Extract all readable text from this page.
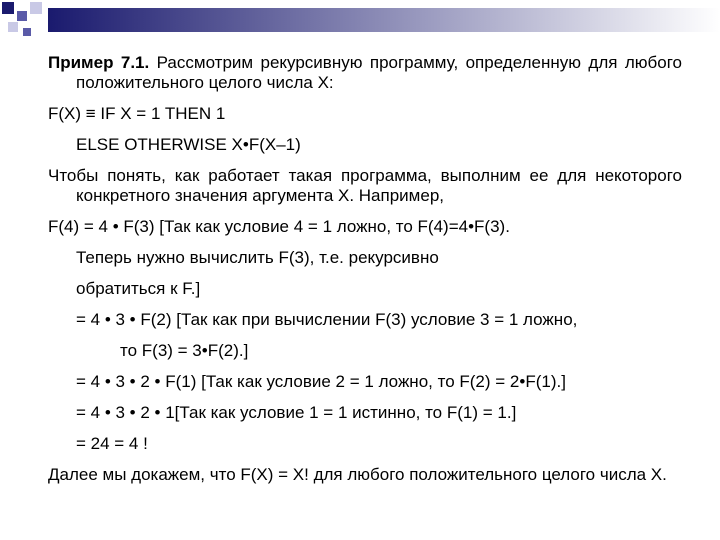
Пример 7.1. Рассмотрим рекурсивную программу, определенную для любого положительного целого числа X:

F(X) ≡ IF X = 1 THEN 1
ELSE OTHERWISE X•F(X–1)

Чтобы понять, как работает такая программа, выполним ее для некоторого конкретного значения аргумента X. Например,

F(4) = 4 • F(3) [Так как условие 4 = 1 ложно, то F(4)=4•F(3).
Теперь нужно вычислить F(3), т.е. рекурсивно
обратиться к F.]
= 4 • 3 • F(2) [Так как при вычислении F(3) условие 3 = 1 ложно,
то F(3) = 3•F(2).]
= 4 • 3 • 2 • F(1) [Так как условие 2 = 1 ложно, то F(2) = 2•F(1).]
= 4 • 3 • 2 • 1[Так как условие 1 = 1 истинно, то F(1) = 1.]
= 24 = 4 !

Далее мы докажем, что F(X) = X! для любого положительного целого числа X.
